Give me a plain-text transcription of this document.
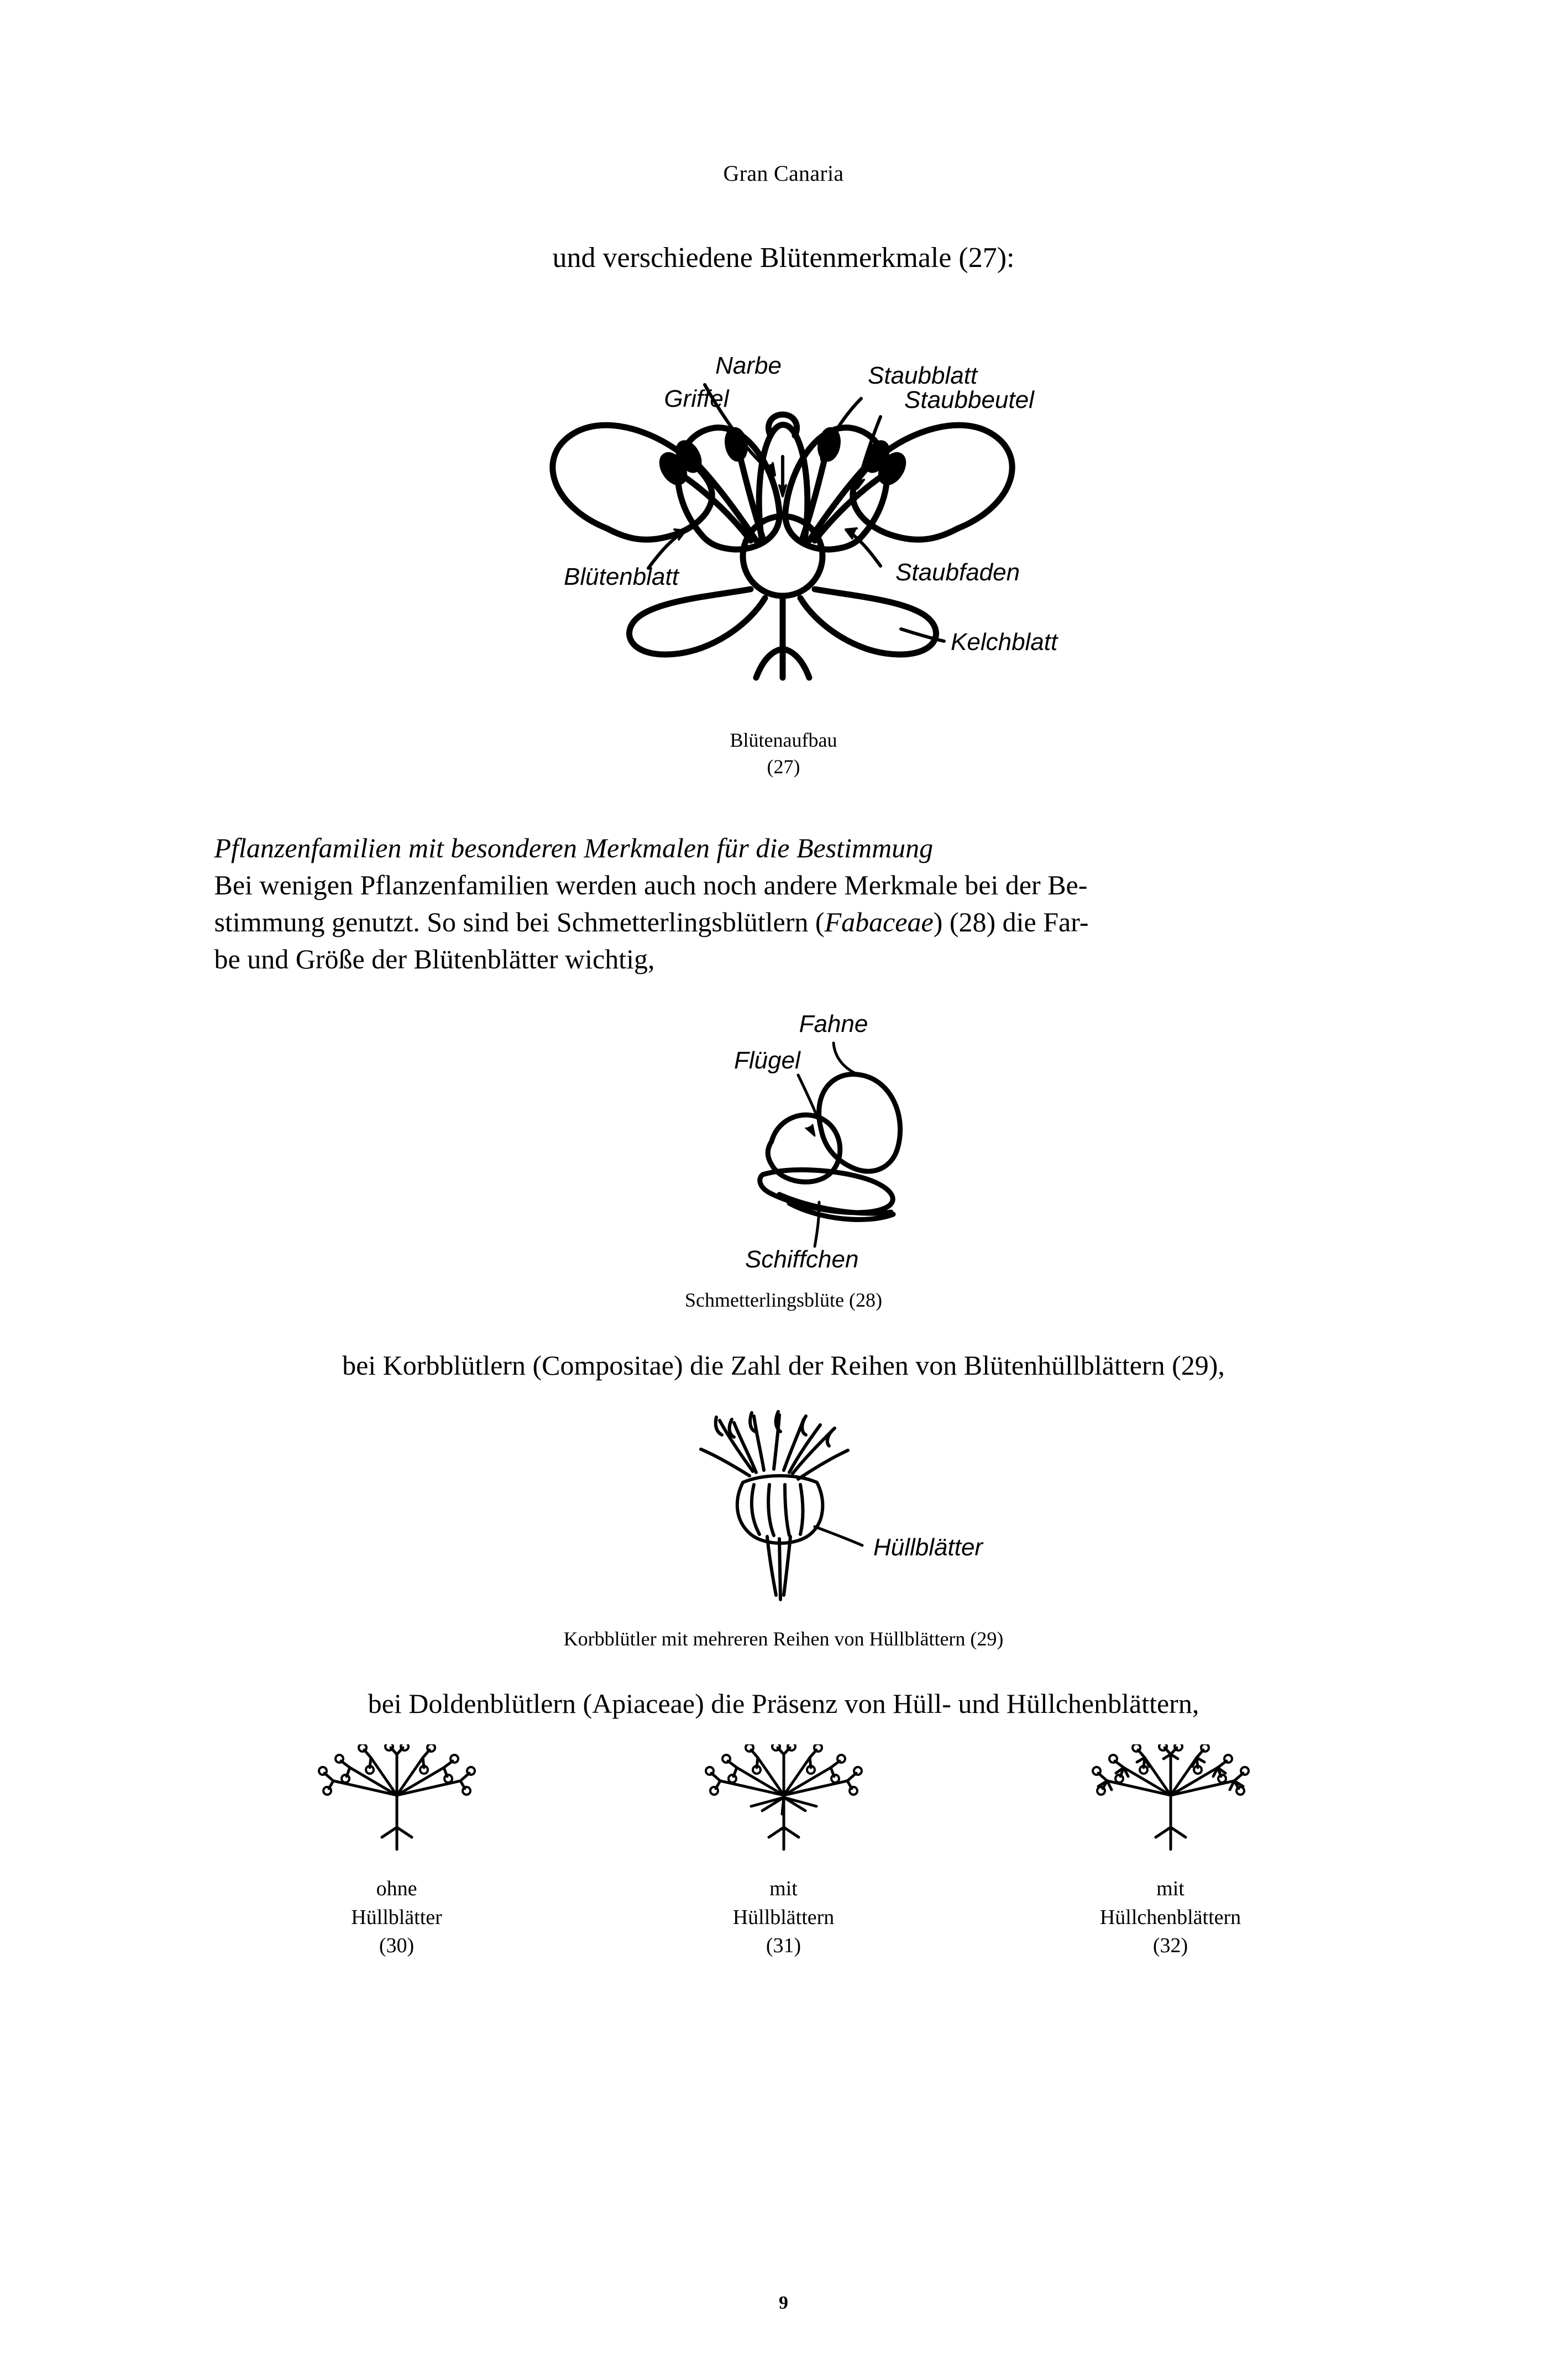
Gran Canaria
und verschiedene Blütenmerkmale (27):
Narbe
Griffel
Staubblatt
Staubbeutel
Blütenblatt	Staubfaden
Kelchblatt
Blütenaufbau
(27)
Pflanzenfamilien mit besonderen Merkmalen für die Bestimmung
Bei wenigen Pflanzenfamilien werden auch noch andere Merkmale bei der Be-
stimmung genutzt. So sind bei Schmetterlingsblütlern (Fabaceae) (28) die Far-
be und Größe der Blütenblätter wichtig,
Fahne
Flügel
Schiffchen
Schmetterlingsblüte (28)
bei Korbblütlern (Compositae) die Zahl der Reihen von Blütenhüllblättern (29),
Hüllblätter
Korbblütler mit mehreren Reihen von Hüllblättern (29)
bei Doldenblütlern (Apiaceae) die Präsenz von Hüll- und Hüllchenblättern,
ohne
Hüllblätter
(30)
mit
Hüllblättern
(31)
mit
Hüllchenblättern
(32)
9
